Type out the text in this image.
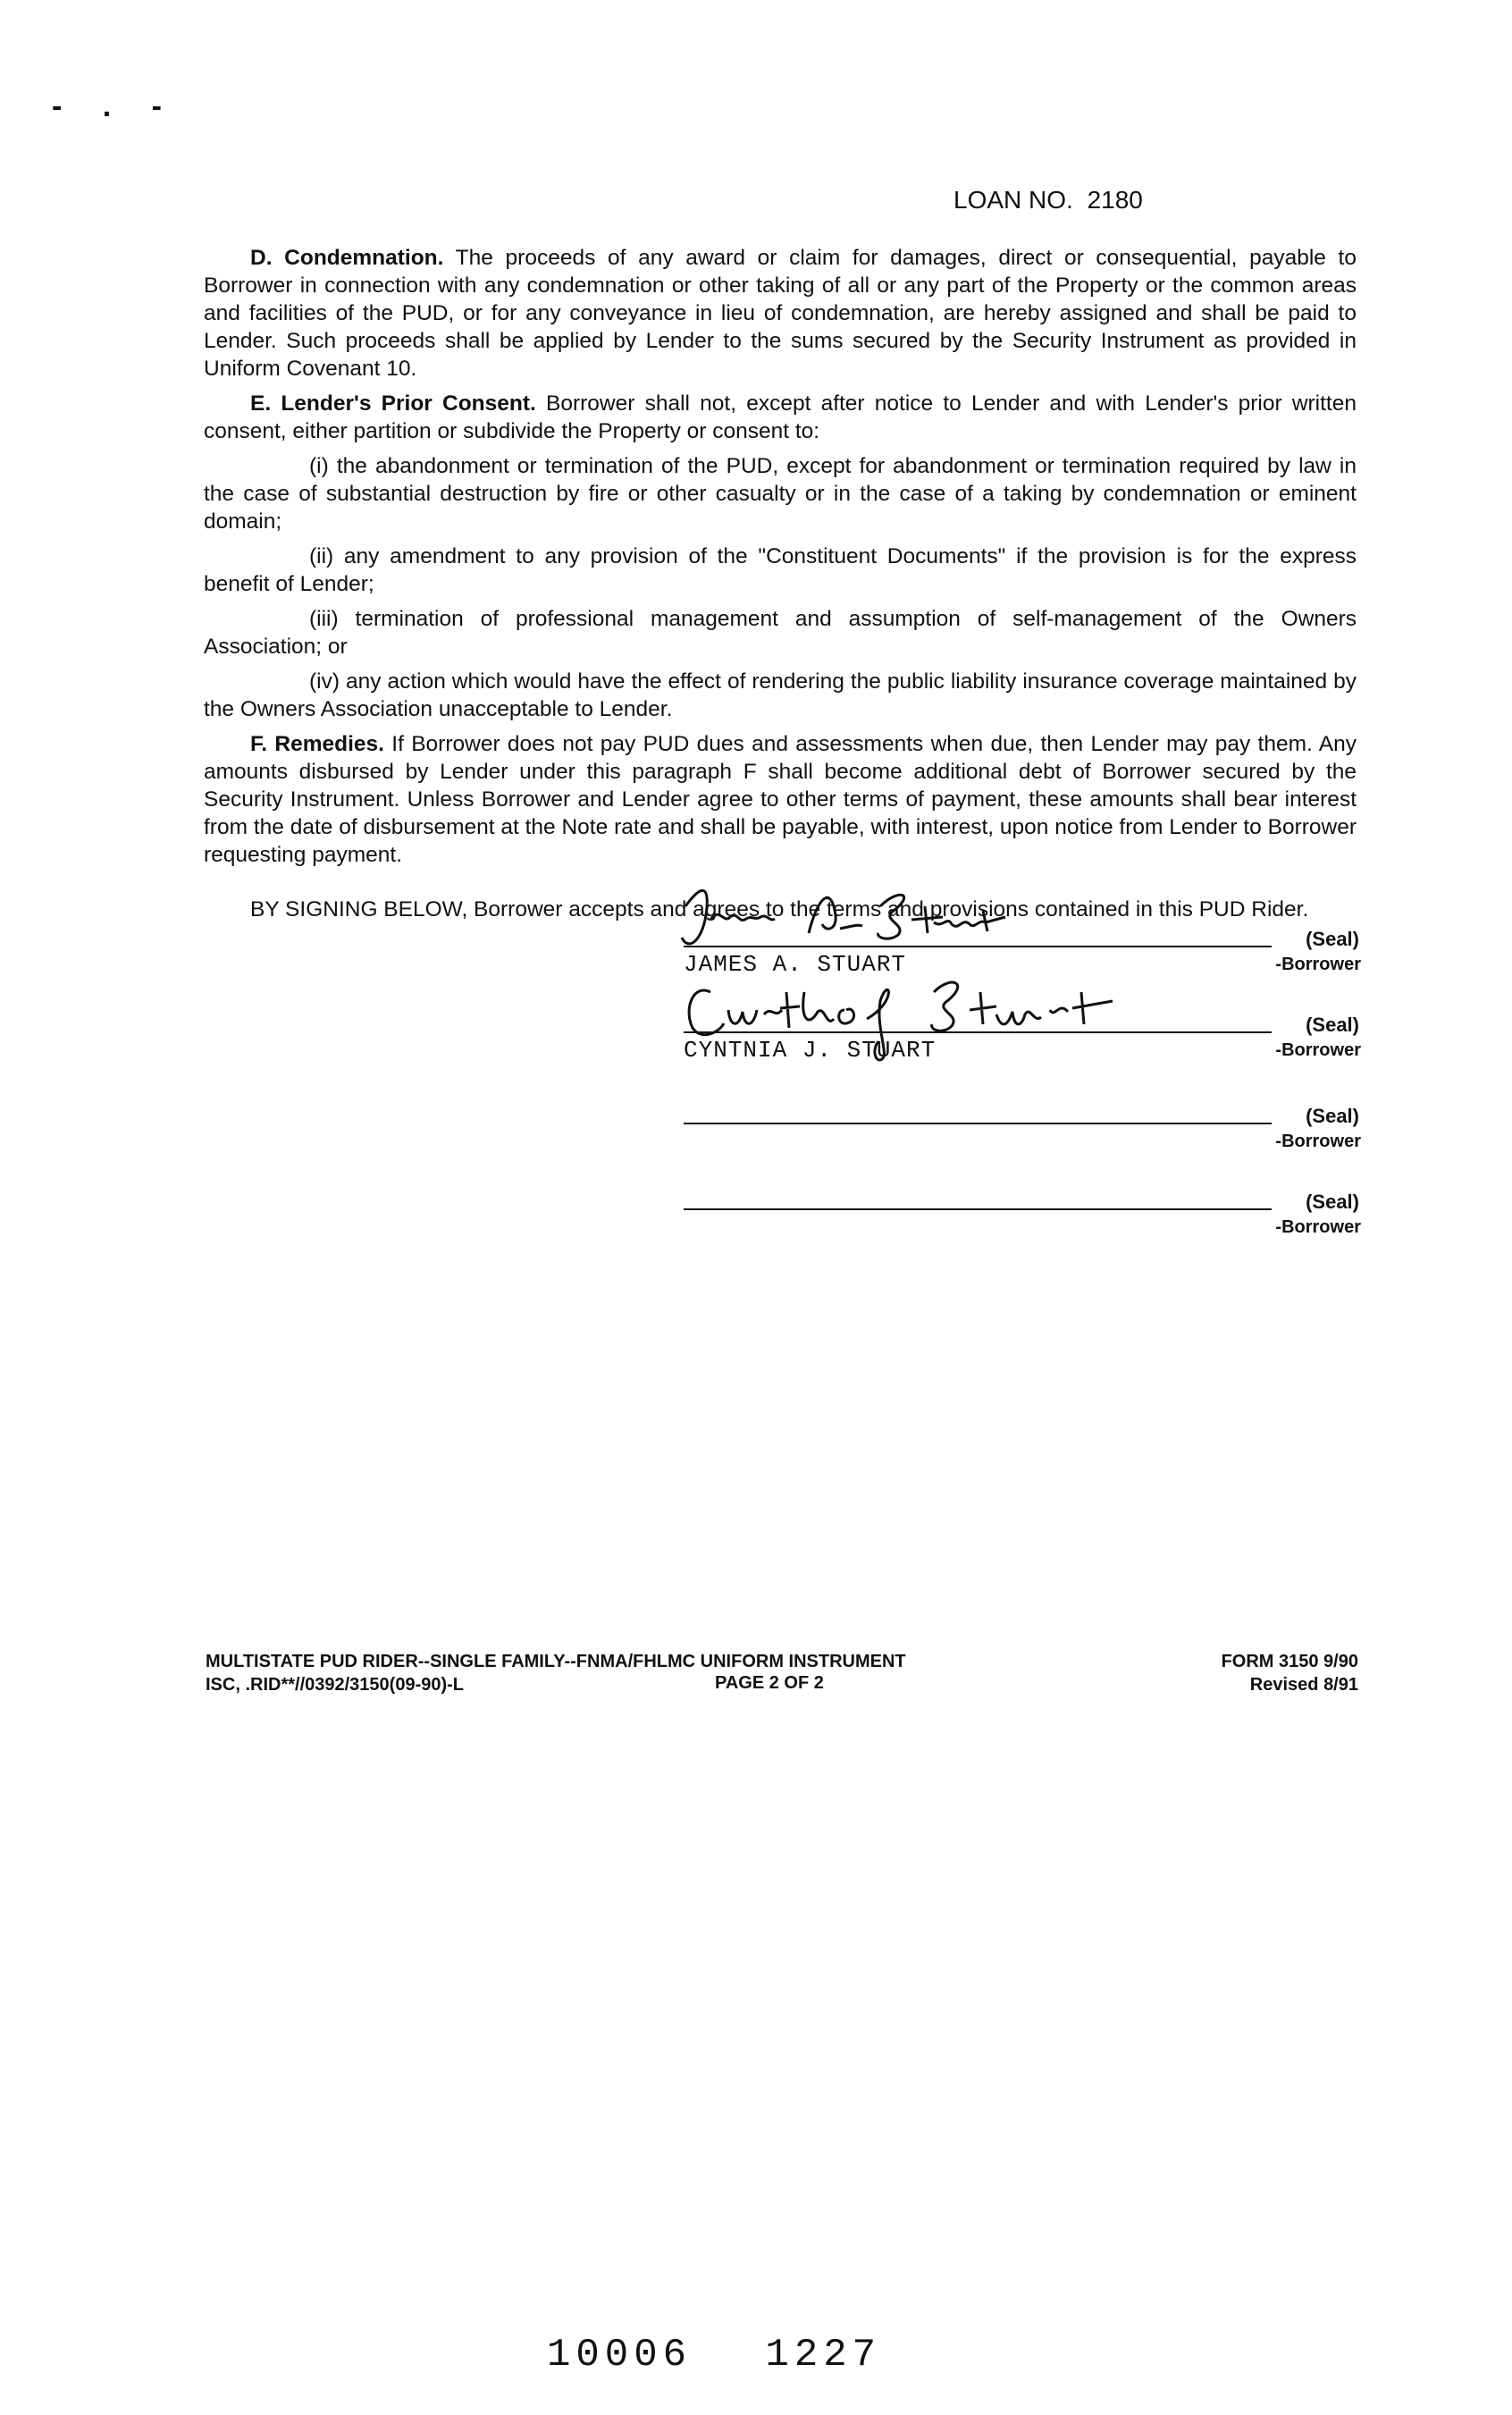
- . -
LOAN NO. 2180

D. Condemnation. The proceeds of any award or claim for damages, direct or consequential, payable to Borrower in connection with any condemnation or other taking of all or any part of the Property or the common areas and facilities of the PUD, or for any conveyance in lieu of condemnation, are hereby assigned and shall be paid to Lender. Such proceeds shall be applied by Lender to the sums secured by the Security Instrument as provided in Uniform Covenant 10.

E. Lender's Prior Consent. Borrower shall not, except after notice to Lender and with Lender's prior written consent, either partition or subdivide the Property or consent to:

(i) the abandonment or termination of the PUD, except for abandonment or termination required by law in the case of substantial destruction by fire or other casualty or in the case of a taking by condemnation or eminent domain;

(ii) any amendment to any provision of the "Constituent Documents" if the provision is for the express benefit of Lender;

(iii) termination of professional management and assumption of self-management of the Owners Association; or

(iv) any action which would have the effect of rendering the public liability insurance coverage maintained by the Owners Association unacceptable to Lender.

F. Remedies. If Borrower does not pay PUD dues and assessments when due, then Lender may pay them. Any amounts disbursed by Lender under this paragraph F shall become additional debt of Borrower secured by the Security Instrument. Unless Borrower and Lender agree to other terms of payment, these amounts shall bear interest from the date of disbursement at the Note rate and shall be payable, with interest, upon notice from Lender to Borrower requesting payment.

BY SIGNING BELOW, Borrower accepts and agrees to the terms and provisions contained in this PUD Rider.

(Seal)
JAMES A. STUART	-Borrower
(Seal)
CYNTNIA J. STUART	-Borrower
(Seal)
-Borrower
(Seal)
-Borrower
MULTISTATE PUD RIDER--SINGLE FAMILY--FNMA/FHLMC UNIFORM INSTRUMENT
ISC, .RID**//0392/3150(09-90)-L	PAGE 2 OF 2
FORM 3150 9/90
Revised 8/91
10006 1227
